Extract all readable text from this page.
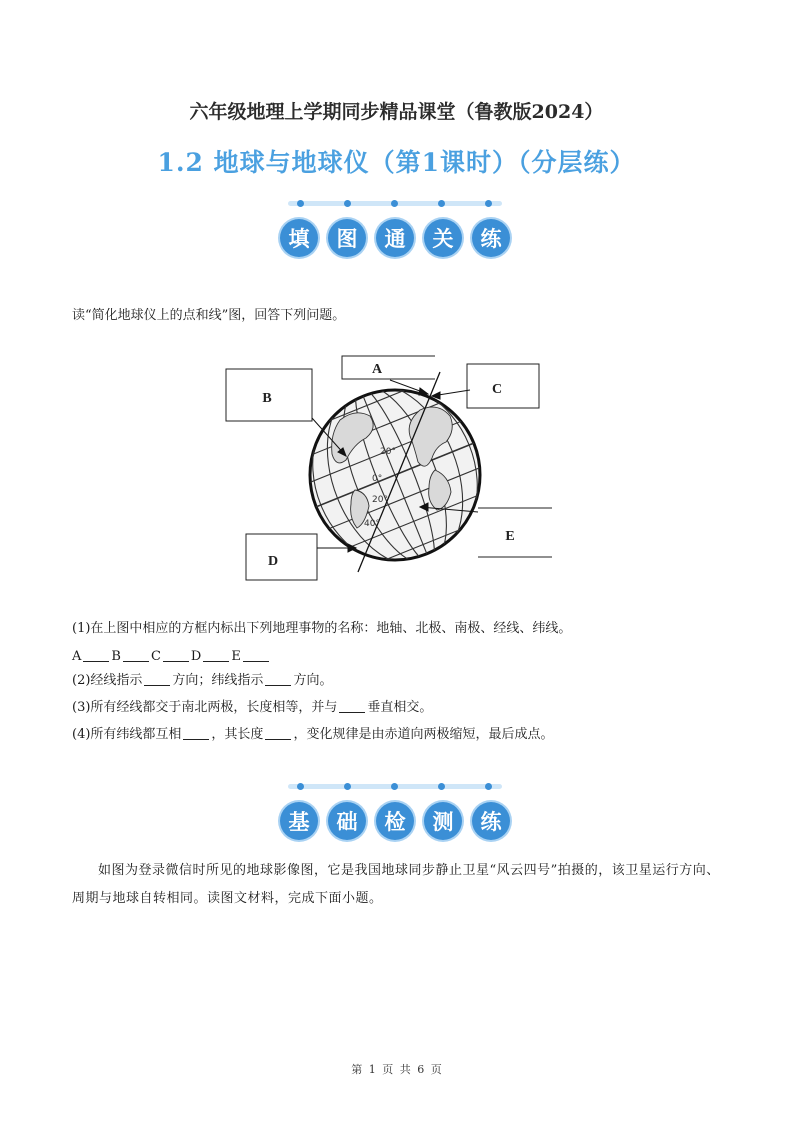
六年级地理上学期同步精品课堂（鲁教版2024）
1.2 地球与地球仪（第1课时）（分层练）
填	图	通	关	练
读“简化地球仪上的点和线”图，回答下列问题。
20°
0°
20°
40°
A
B
C
D
E
(1)在上图中相应的方框内标出下列地理事物的名称：地轴、北极、南极、经线、纬线。
A B C D E
(2)经线指示 方向；纬线指示 方向。
(3)所有经线都交于南北两极，长度相等，并与 垂直相交。
(4)所有纬线都互相 ，其长度 ，变化规律是由赤道向两极缩短，最后成点。
基	础	检	测	练
如图为登录微信时所见的地球影像图，它是我国地球同步静止卫星“风云四号”拍摄的，该卫星运行方向、周期与地球自转相同。读图文材料，完成下面小题。
第 1 页 共 6 页
